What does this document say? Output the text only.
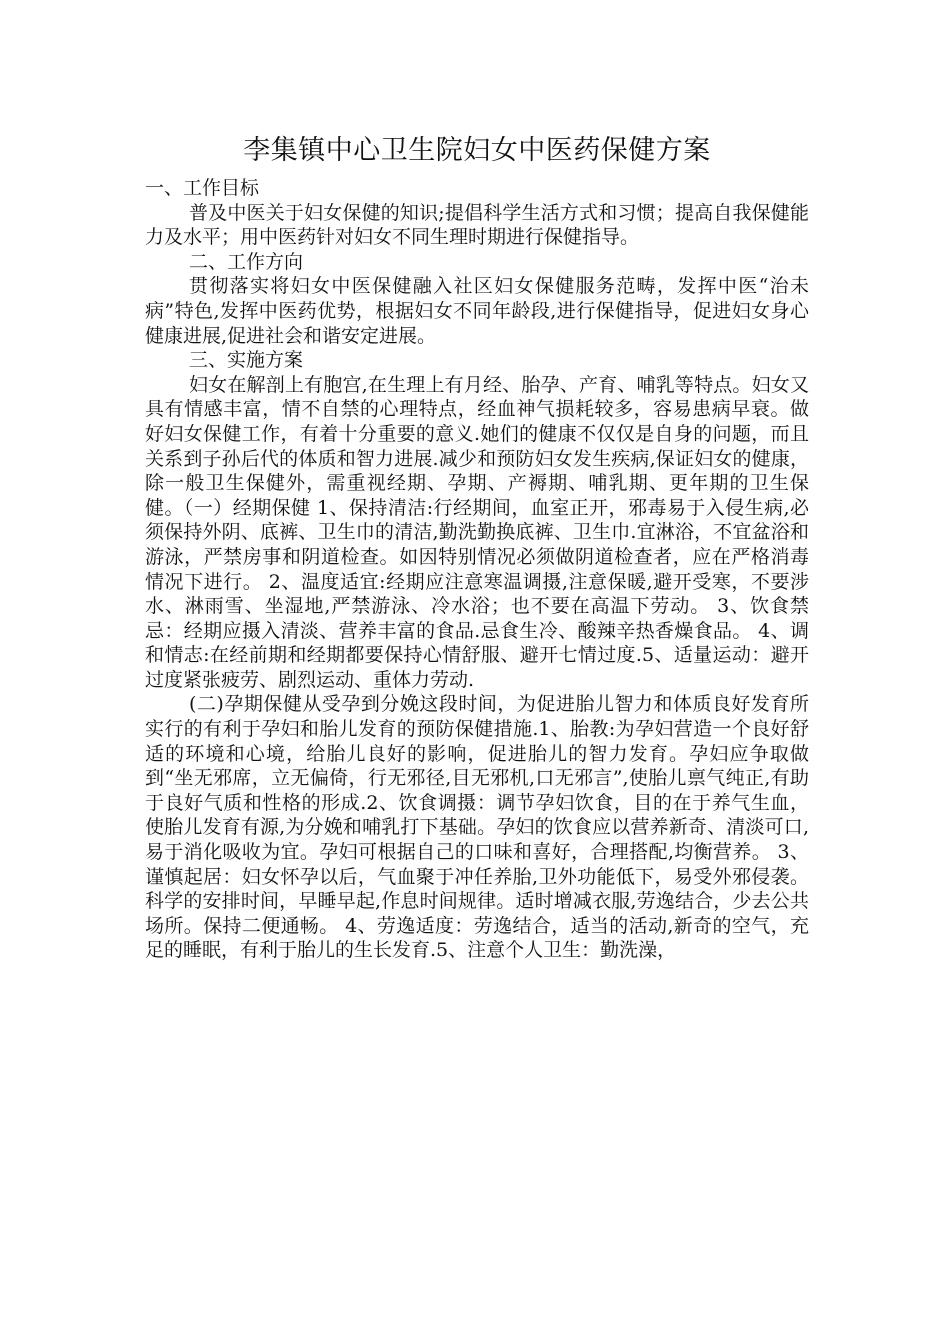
李集镇中心卫生院妇女中医药保健方案

一、工作目标

普及中医关于妇女保健的知识;提倡科学生活方式和习惯；提高自我保健能力及水平；用中医药针对妇女不同生理时期进行保健指导。

二、工作方向

贯彻落实将妇女中医保健融入社区妇女保健服务范畴，发挥中医“治未病”特色,发挥中医药优势，根据妇女不同年龄段,进行保健指导，促进妇女身心健康进展,促进社会和谐安定进展。

三、实施方案

妇女在解剖上有胞宫,在生理上有月经、胎孕、产育、哺乳等特点。妇女又具有情感丰富，情不自禁的心理特点，经血神气损耗较多，容易患病早衰。做好妇女保健工作，有着十分重要的意义.她们的健康不仅仅是自身的问题，而且关系到子孙后代的体质和智力进展.减少和预防妇女发生疾病,保证妇女的健康，除一般卫生保健外，需重视经期、孕期、产褥期、哺乳期、更年期的卫生保健。（一）经期保健 1、保持清洁:行经期间，血室正开，邪毒易于入侵生病,必须保持外阴、底裤、卫生巾的清洁,勤洗勤换底裤、卫生巾.宜淋浴，不宜盆浴和游泳，严禁房事和阴道检查。如因特别情况必须做阴道检查者，应在严格消毒情况下进行。 2、温度适宜:经期应注意寒温调摄,注意保暖,避开受寒，不要涉水、淋雨雪、坐湿地,严禁游泳、冷水浴；也不要在高温下劳动。 3、饮食禁忌：经期应摄入清淡、营养丰富的食品.忌食生冷、酸辣辛热香燥食品。 4、调和情志:在经前期和经期都要保持心情舒服、避开七情过度.5、适量运动：避开过度紧张疲劳、剧烈运动、重体力劳动.

(二)孕期保健从受孕到分娩这段时间，为促进胎儿智力和体质良好发育所实行的有利于孕妇和胎儿发育的预防保健措施.1、胎教:为孕妇营造一个良好舒适的环境和心境，给胎儿良好的影响，促进胎儿的智力发育。孕妇应争取做到“坐无邪席，立无偏倚，行无邪径,目无邪机,口无邪言”,使胎儿禀气纯正,有助于良好气质和性格的形成.2、饮食调摄：调节孕妇饮食，目的在于养气生血，使胎儿发育有源,为分娩和哺乳打下基础。孕妇的饮食应以营养新奇、清淡可口,易于消化吸收为宜。孕妇可根据自己的口味和喜好，合理搭配,均衡营养。 3、谨慎起居：妇女怀孕以后，气血聚于冲任养胎,卫外功能低下，易受外邪侵袭。科学的安排时间，早睡早起,作息时间规律。适时增减衣服,劳逸结合，少去公共场所。保持二便通畅。 4、劳逸适度：劳逸结合，适当的活动,新奇的空气，充足的睡眠，有利于胎儿的生长发育.5、注意个人卫生：勤洗澡，
